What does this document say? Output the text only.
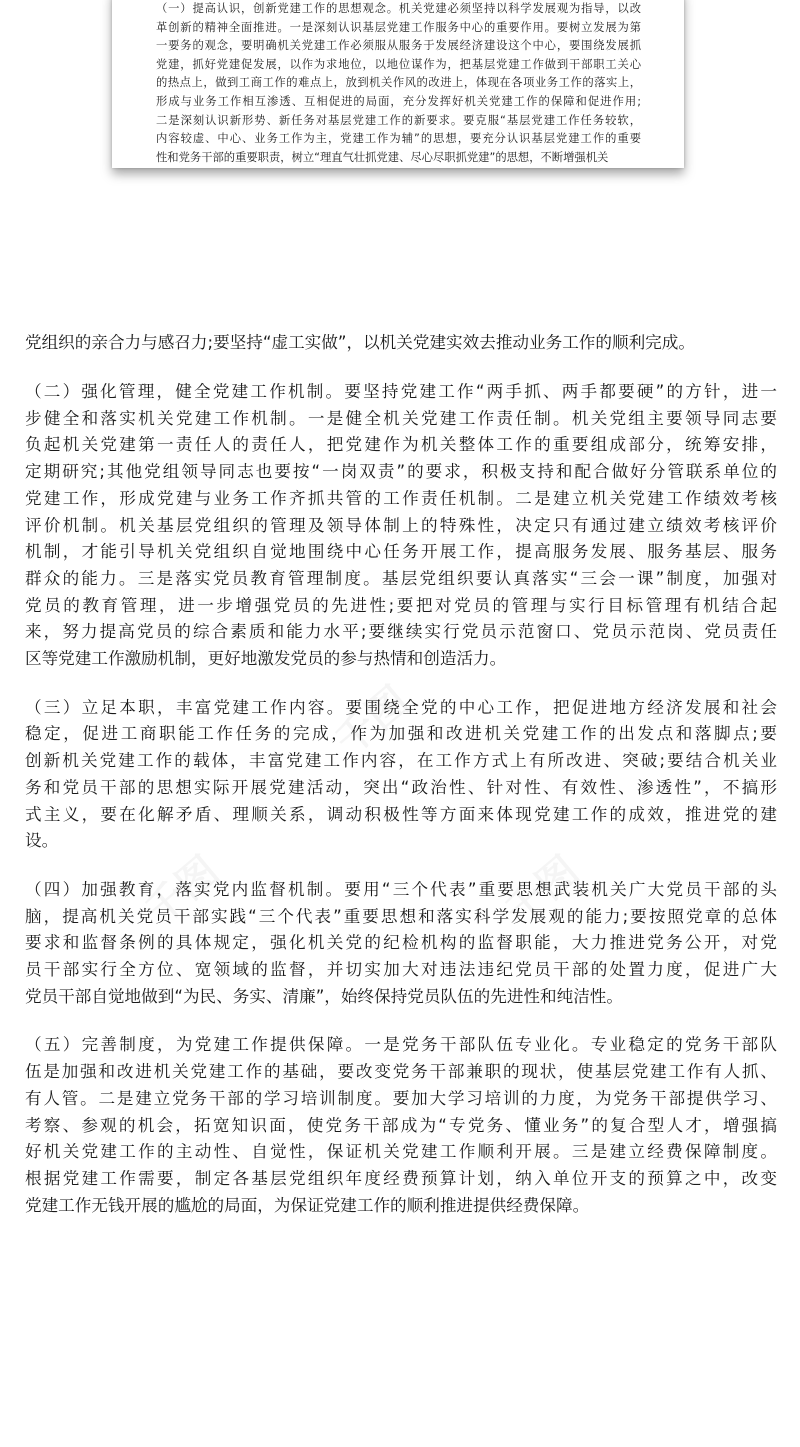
（一）提高认识，创新党建工作的思想观念。机关党建必须坚持以科学发展观为指导，以改
革创新的精神全面推进。一是深刻认识基层党建工作服务中心的重要作用。要树立发展为第
一要务的观念，要明确机关党建工作必须服从服务于发展经济建设这个中心，要围绕发展抓
党建，抓好党建促发展，以作为求地位，以地位谋作为，把基层党建工作做到干部职工关心
的热点上，做到工商工作的难点上，放到机关作风的改进上，体现在各项业务工作的落实上，
形成与业务工作相互渗透、互相促进的局面，充分发挥好机关党建工作的保障和促进作用;
二是深刻认识新形势、新任务对基层党建工作的新要求。要克服“基层党建工作任务较软，
内容较虚、中心、业务工作为主，党建工作为辅”的思想，要充分认识基层党建工作的重要
性和党务干部的重要职责，树立“理直气壮抓党建、尽心尽职抓党建”的思想，不断增强机关
党组织的亲合力与感召力;要坚持“虚工实做”，以机关党建实效去推动业务工作的顺利完成。
（二）强化管理，健全党建工作机制。要坚持党建工作“两手抓、两手都要硬”的方针，进一
步健全和落实机关党建工作机制。一是健全机关党建工作责任制。机关党组主要领导同志要
负起机关党建第一责任人的责任人，把党建作为机关整体工作的重要组成部分，统筹安排，
定期研究;其他党组领导同志也要按“一岗双责”的要求，积极支持和配合做好分管联系单位的
党建工作，形成党建与业务工作齐抓共管的工作责任机制。二是建立机关党建工作绩效考核
评价机制。机关基层党组织的管理及领导体制上的特殊性，决定只有通过建立绩效考核评价
机制，才能引导机关党组织自觉地围绕中心任务开展工作，提高服务发展、服务基层、服务
群众的能力。三是落实党员教育管理制度。基层党组织要认真落实“三会一课”制度，加强对
党员的教育管理，进一步增强党员的先进性;要把对党员的管理与实行目标管理有机结合起
来，努力提高党员的综合素质和能力水平;要继续实行党员示范窗口、党员示范岗、党员责任
区等党建工作激励机制，更好地激发党员的参与热情和创造活力。
（三）立足本职，丰富党建工作内容。要围绕全党的中心工作，把促进地方经济发展和社会
稳定，促进工商职能工作任务的完成，作为加强和改进机关党建工作的出发点和落脚点;要
创新机关党建工作的载体，丰富党建工作内容，在工作方式上有所改进、突破;要结合机关业
务和党员干部的思想实际开展党建活动，突出“政治性、针对性、有效性、渗透性”，不搞形
式主义，要在化解矛盾、理顺关系，调动积极性等方面来体现党建工作的成效，推进党的建
设。
（四）加强教育，落实党内监督机制。要用“三个代表”重要思想武装机关广大党员干部的头
脑，提高机关党员干部实践“三个代表”重要思想和落实科学发展观的能力;要按照党章的总体
要求和监督条例的具体规定，强化机关党的纪检机构的监督职能，大力推进党务公开，对党
员干部实行全方位、宽领域的监督，并切实加大对违法违纪党员干部的处置力度，促进广大
党员干部自觉地做到“为民、务实、清廉”，始终保持党员队伍的先进性和纯洁性。
（五）完善制度，为党建工作提供保障。一是党务干部队伍专业化。专业稳定的党务干部队
伍是加强和改进机关党建工作的基础，要改变党务干部兼职的现状，使基层党建工作有人抓、
有人管。二是建立党务干部的学习培训制度。要加大学习培训的力度，为党务干部提供学习、
考察、参观的机会，拓宽知识面，使党务干部成为“专党务、懂业务”的复合型人才，增强搞
好机关党建工作的主动性、自觉性，保证机关党建工作顺利开展。三是建立经费保障制度。
根据党建工作需要，制定各基层党组织年度经费预算计划，纳入单位开支的预算之中，改变
党建工作无钱开展的尴尬的局面，为保证党建工作的顺利推进提供经费保障。
